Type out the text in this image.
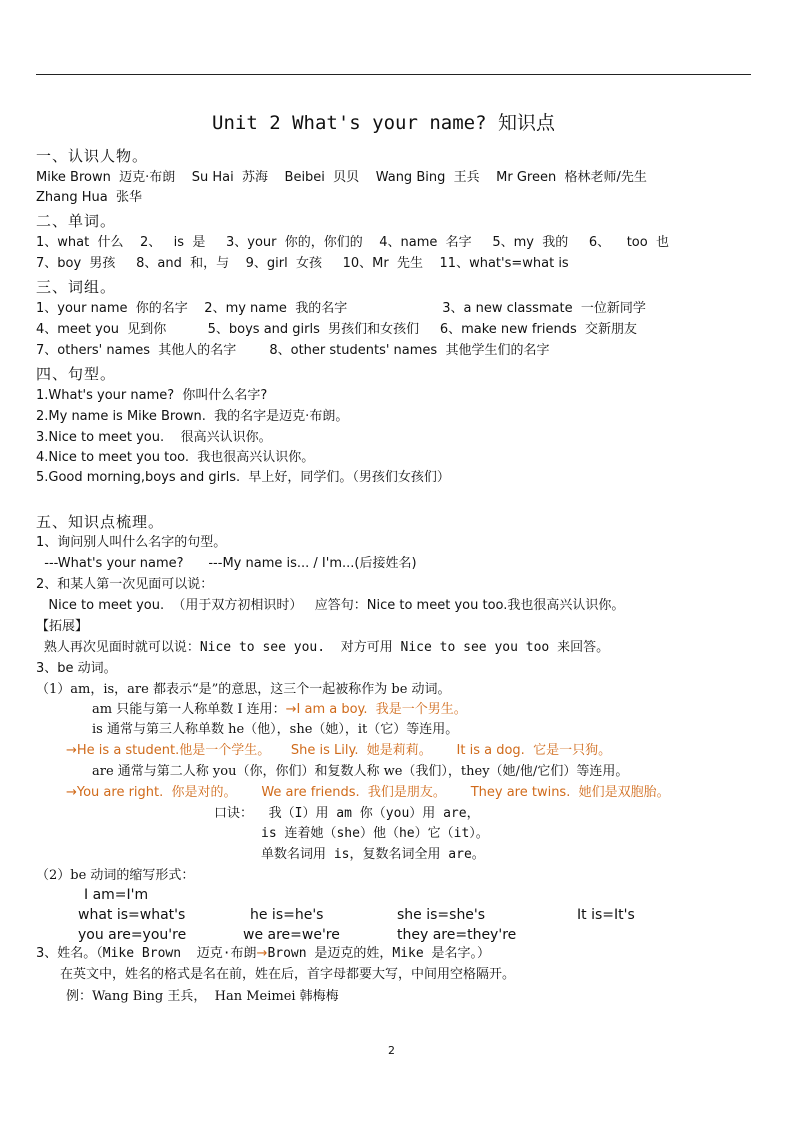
Unit 2 What's your name? 知识点
一、认识人物。
Mike Brown  迈克·布朗    Su Hai  苏海    Beibei  贝贝    Wang Bing  王兵    Mr Green  格林老师/先生
Zhang Hua  张华
二、单词。
1、what  什么    2、   is  是     3、your  你的，你们的    4、name  名字     5、my  我的     6、    too  也
7、boy  男孩     8、and  和，与    9、girl  女孩     10、Mr  先生    11、what's=what is
三、词组。
1、your name  你的名字    2、my name  我的名字                       3、a new classmate  一位新同学
4、meet you  见到你          5、boys and girls  男孩们和女孩们     6、make new friends  交新朋友
7、others' names  其他人的名字        8、other students' names  其他学生们的名字
四、句型。
1.What's your name?  你叫什么名字?
2.My name is Mike Brown.  我的名字是迈克·布朗。
3.Nice to meet you.    很高兴认识你。
4.Nice to meet you too.  我也很高兴认识你。
5.Good morning,boys and girls.  早上好，同学们。（男孩们女孩们）
五、知识点梳理。
1、询问别人叫什么名字的句型。
---What's your name?      ---My name is... / I'm...(后接姓名)
2、和某人第一次见面可以说：
Nice to meet you.  （用于双方初相识时）   应答句：Nice to meet you too.我也很高兴认识你。
【拓展】
熟人再次见面时就可以说：Nice to see you.  对方可用 Nice to see you too 来回答。
3、be 动词。
（1）am，is，are 都表示“是”的意思，这三个一起被称作为 be 动词。
am 只能与第一人称单数 I 连用：→I am a boy.  我是一个男生。
is 通常与第三人称单数 he（他），she（她），it（它）等连用。
→He is a student.他是一个学生。     She is Lily.  她是莉莉。      It is a dog.  它是一只狗。
are 通常与第二人称 you（你，你们）和复数人称 we（我们），they（她/他/它们）等连用。
→You are right.  你是对的。      We are friends.  我们是朋友。      They are twins.  她们是双胞胎。
口诀：  我（I）用 am 你（you）用 are，
is 连着她（she）他（he）它（it）。
单数名词用 is，复数名词全用 are。
（2）be 动词的缩写形式：
I am=I'm
what is=what's	he is=he's	she is=she's	It is=It's
you are=you're	we are=we're	they are=they're
3、姓名。（Mike Brown  迈克·布朗→Brown 是迈克的姓，Mike 是名字。）
在英文中，姓名的格式是名在前，姓在后，首字母都要大写，中间用空格隔开。
例：Wang Bing 王兵，  Han Meimei 韩梅梅
2
